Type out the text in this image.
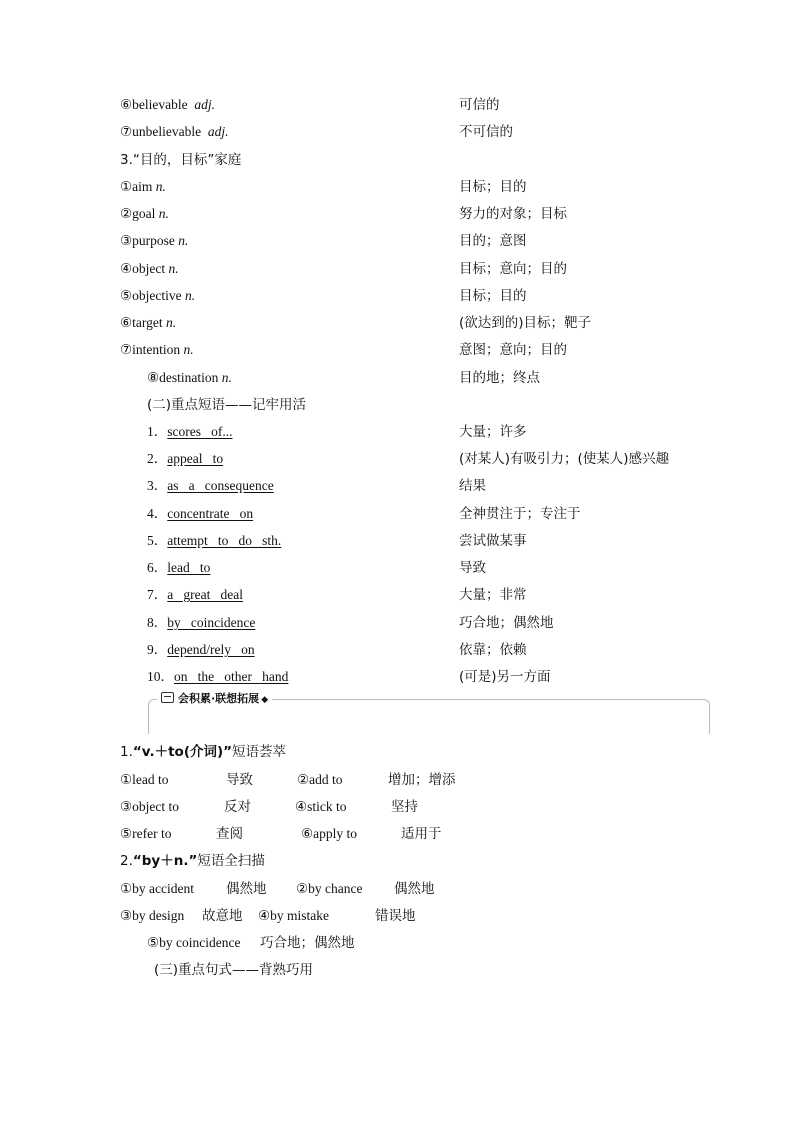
⑥believable adj.	可信的
⑦unbelievable adj.	不可信的
3.“目的，目标”家庭
①aim n.	目标；目的
②goal n.	努力的对象；目标
③purpose n.	目的；意图
④object n.	目标；意向；目的
⑤objective n.	目标；目的
⑥target n.	(欲达到的)目标；靶子
⑦intention n.	意图；意向；目的
⑧destination n.	目的地；终点
(二)重点短语——记牢用活
1．scores   of...	大量；许多
2．appeal   to	(对某人)有吸引力；(使某人)感兴趣
3．as   a   consequence	结果
4．concentrate   on	全神贯注于；专注于
5．attempt   to   do   sth.	尝试做某事
6．lead   to	导致
7．a   great   deal	大量；非常
8．by   coincidence	巧合地；偶然地
9．depend/rely   on	依靠；依赖
10．on   the   other   hand	(可是)另一方面
会积累·联想拓展 ◆
1.“v.＋to(介词)”短语荟萃
①lead to	导致	②add to	增加；增添
③object to	反对	④stick to	坚持
⑤refer to	查阅	⑥apply to	适用于
2.“by＋n.”短语全扫描
①by accident 偶然地 ②by chance 偶然地
③by design 故意地 ④by mistake	错误地
⑤by coincidence 巧合地；偶然地
(三)重点句式——背熟巧用
